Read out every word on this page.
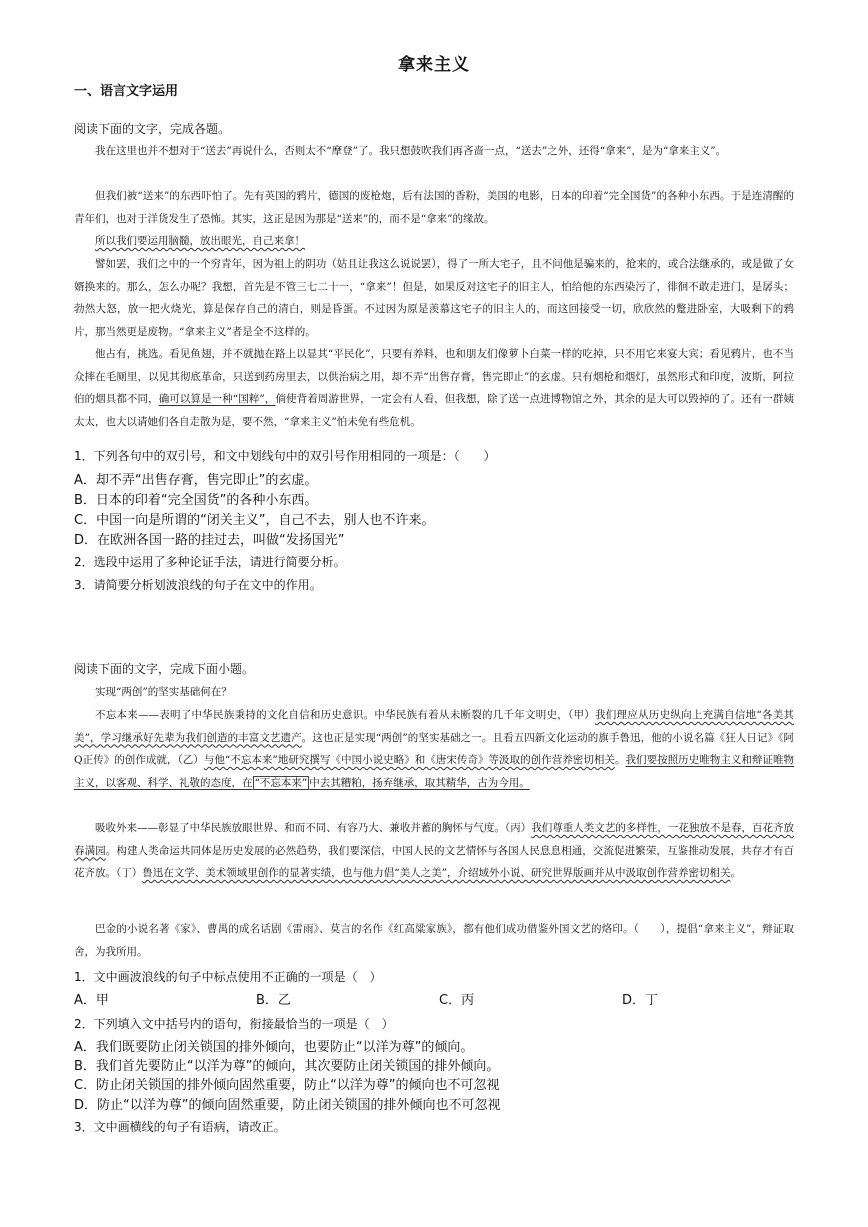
拿来主义
一、语言文字运用
阅读下面的文字，完成各题。
我在这里也并不想对于“送去”再说什么，否则太不“摩登”了。我只想鼓吹我们再吝啬一点，“送去”之外，还得“拿来”，是为“拿来主义”。
但我们被“送来”的东西吓怕了。先有英国的鸦片，德国的废枪炮，后有法国的香粉，美国的电影，日本的印着“完全国货”的各种小东西。于是连清醒的青年们，也对于洋货发生了恐怖。其实，这正是因为那是“送来”的，而不是“拿来”的缘故。
所以我们要运用脑髓，放出眼光，自己来拿！
譬如罢，我们之中的一个穷青年，因为祖上的阴功（姑且让我这么说说罢），得了一所大宅子，且不问他是骗来的，抢来的，或合法继承的，或是做了女婿换来的。那么，怎么办呢？我想，首先是不管三七二十一，“拿来”！但是，如果反对这宅子的旧主人，怕给他的东西染污了，徘徊不敢走进门，是孱头；勃然大怒，放一把火烧光，算是保存自己的清白，则是昏蛋。不过因为原是羡慕这宅子的旧主人的，而这回接受一切，欣欣然的蹩进卧室，大吸剩下的鸦片，那当然更是废物。“拿来主义”者是全不这样的。
他占有，挑选。看见鱼翅，并不就抛在路上以显其“平民化”，只要有养料，也和朋友们像萝卜白菜一样的吃掉，只不用它来宴大宾；看见鸦片，也不当众摔在毛厕里，以见其彻底革命，只送到药房里去，以供治病之用，却不弄“出售存膏，售完即止”的玄虚。只有烟枪和烟灯，虽然形式和印度，波斯，阿拉伯的烟具都不同，确可以算是一种“国粹”，倘使背着周游世界，一定会有人看，但我想，除了送一点进博物馆之外，其余的是大可以毁掉的了。还有一群姨太太，也大以请她们各自走散为是，要不然，“拿来主义”怕未免有些危机。
1．下列各句中的双引号，和文中划线句中的双引号作用相同的一项是：（　　）
A．却不弄“出售存膏，售完即止”的玄虚。
B．日本的印着“完全国货”的各种小东西。
C．中国一向是所谓的“闭关主义”，自己不去，别人也不许来。
D．在欧洲各国一路的挂过去，叫做“发扬国光”
2．选段中运用了多种论证手法，请进行简要分析。
3．请简要分析划波浪线的句子在文中的作用。
阅读下面的文字，完成下面小题。
实现“两创”的坚实基础何在？
不忘本来——表明了中华民族秉持的文化自信和历史意识。中华民族有着从未断裂的几千年文明史，（甲）我们理应从历史纵向上充满自信地“各美其美”，学习继承好先辈为我们创造的丰富文艺遗产。这也正是实现“两创”的坚实基础之一。且看五四新文化运动的旗手鲁迅，他的小说名篇《狂人日记》《阿Q正传》的创作成就，（乙）与他“不忘本来”地研究撰写《中国小说史略》和《唐宋传奇》等汲取的创作营养密切相关。我们要按照历史唯物主义和辩证唯物主义，以客观、科学、礼敬的态度，在 “不忘本来” 中去其糟粕，扬弃继承，取其精华，古为今用。
吸收外来——彰显了中华民族放眼世界、和而不同、有容乃大、兼收并蓄的胸怀与气度。（丙）我们尊重人类文艺的多样性，一花独放不是春，百花齐放春满园。构建人类命运共同体是历史发展的必然趋势，我们要深信，中国人民的文艺情怀与各国人民息息相通，交流促进繁荣，互鉴推动发展，共存才有百花齐放。（丁）鲁迅在文学、美术领域里创作的显著实绩，也与他力倡“美人之美”，介绍域外小说、研究世界版画并从中汲取创作营养密切相关。
巴金的小说名著《家》、曹禺的成名话剧《雷雨》、莫言的名作《红高粱家族》，都有他们成功借鉴外国文艺的烙印。（　　），提倡“拿来主义”，辩证取舍，为我所用。
1．文中画波浪线的句子中标点使用不正确的一项是（　）
A．甲	B．乙	C．丙	D．丁
2．下列填入文中括号内的语句，衔接最恰当的一项是（　）
A．我们既要防止闭关锁国的排外倾向，也要防止“以洋为尊”的倾向。
B．我们首先要防止“以洋为尊”的倾向，其次要防止闭关锁国的排外倾向。
C．防止闭关锁国的排外倾向固然重要，防止“以洋为尊”的倾向也不可忽视
D．防止“以洋为尊”的倾向固然重要，防止闭关锁国的排外倾向也不可忽视
3．文中画横线的句子有语病，请改正。
